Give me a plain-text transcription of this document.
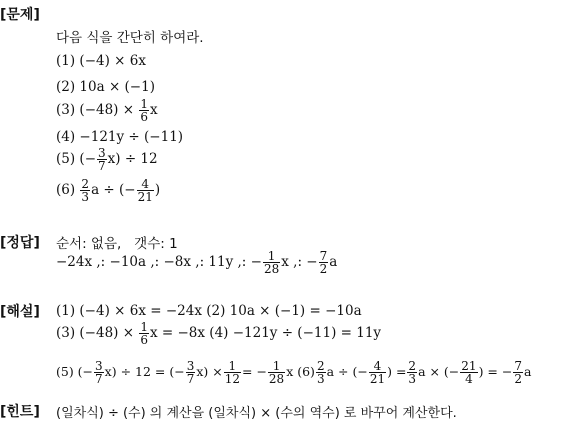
[문제]
다음 식을 간단히 하여라.
(1) (−4) × 6x
(2) 10a × (−1)
(3) $(-48) \times \frac{1}{6}$ x
(4) −121y ÷ (−11)
(5) (− $\frac{3}{7} x) \div 12$
$(6) \frac{2}{3}$ a ÷ (− $\frac{4}{21}$ )
[정답] 순서: 없음,   갯수: 1
−24x ,: −10a ,: −8x ,: 11y ,: − $\frac{1}{28}$ x ,: − $\frac{7}{2}$ a
[해설] (1) (−4) × 6x = −24x (2) 10a × (−1) = −10a
(3) $(-48) \times \frac{1}{6}$ x = −8x (4) −121y ÷ (−11) = 11y
(5) (− $\frac{3}{7} x) \div 12$ = (− $\frac{3}{7} x) \times \frac{1}{12}$ = − $\frac{1}{28}$ x $(6) \frac{2}{3}$ a ÷ (− $\frac{4}{21}$ ) = $\frac{2}{3}$ a × (− $\frac{21}{4}$ ) = − $\frac{7}{2}$ a
[힌트] (일차식) ÷ (수) 의 계산을 (일차식) × (수의 역수) 로 바꾸어 계산한다.
